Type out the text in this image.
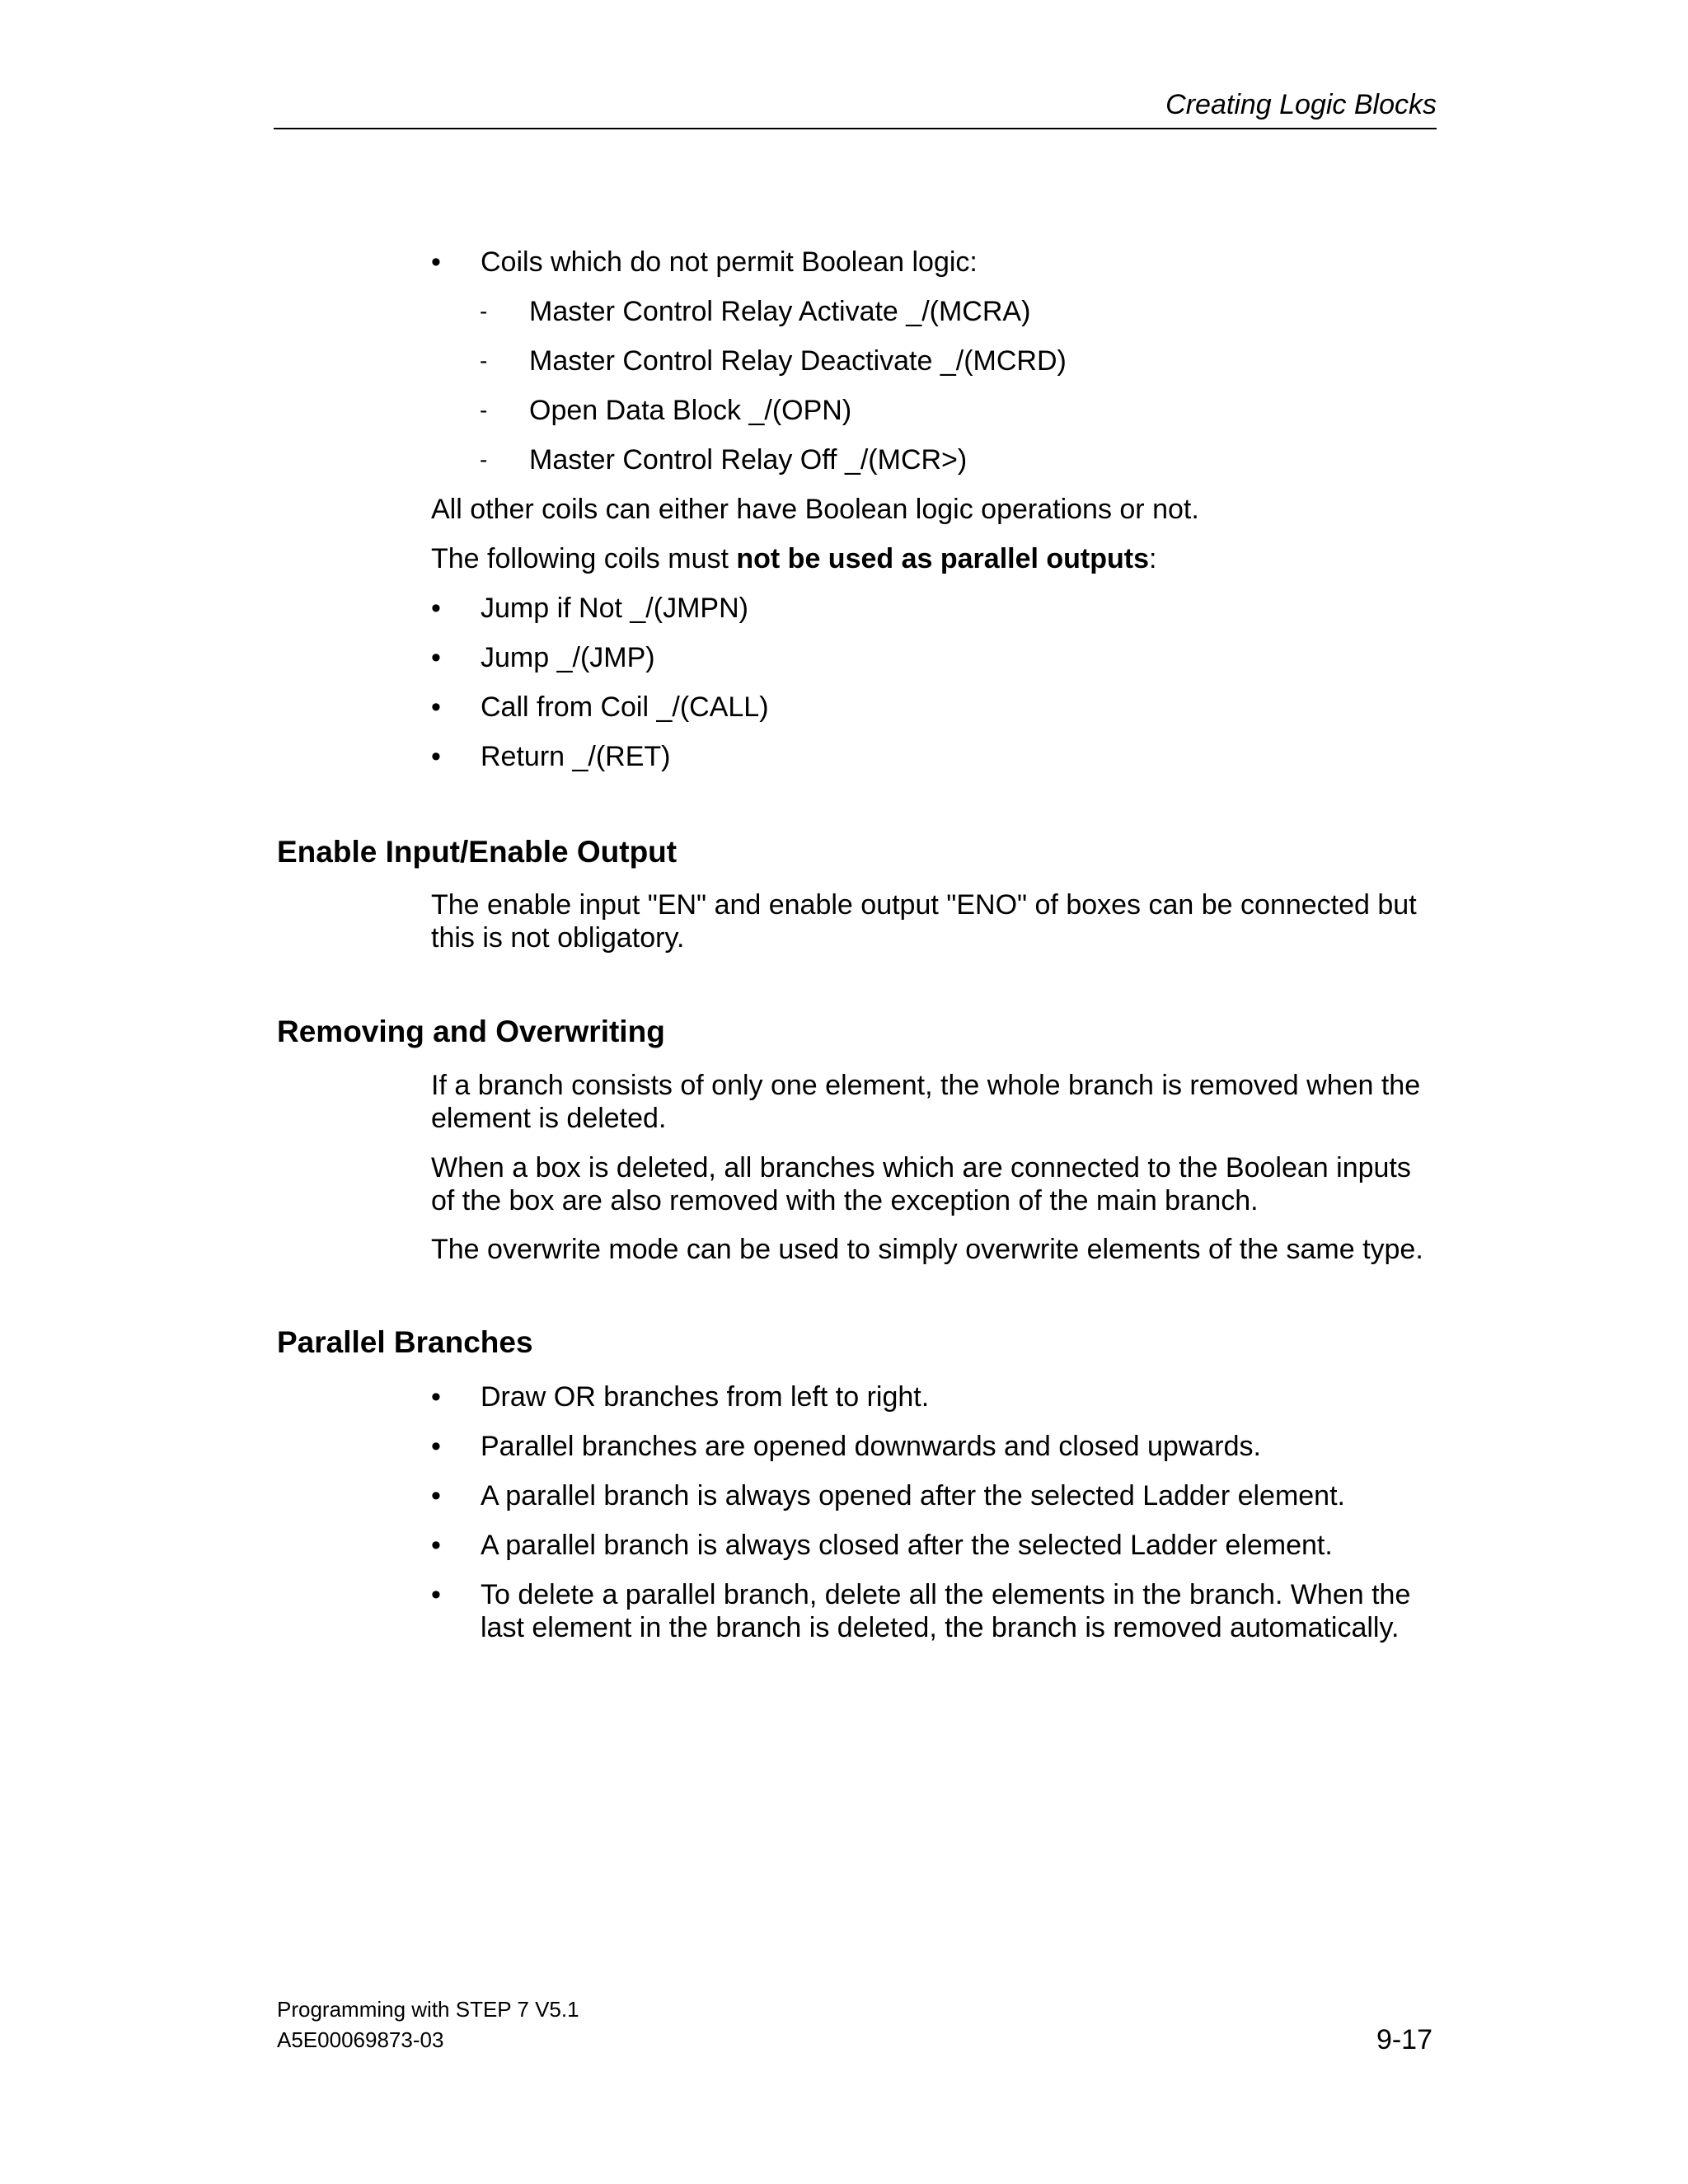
Creating Logic Blocks
• Coils which do not permit Boolean logic:
- Master Control Relay Activate _/(MCRA)
- Master Control Relay Deactivate _/(MCRD)
- Open Data Block _/(OPN)
- Master Control Relay Off _/(MCR>)

All other coils can either have Boolean logic operations or not.

The following coils must not be used as parallel outputs:

• Jump if Not _/(JMPN)
• Jump _/(JMP)
• Call from Coil _/(CALL)
• Return _/(RET)
Enable Input/Enable Output

The enable input "EN" and enable output "ENO" of boxes can be connected but this is not obligatory.

Removing and Overwriting

If a branch consists of only one element, the whole branch is removed when the element is deleted.

When a box is deleted, all branches which are connected to the Boolean inputs of the box are also removed with the exception of the main branch.

The overwrite mode can be used to simply overwrite elements of the same type.

Parallel Branches
• Draw OR branches from left to right.
• Parallel branches are opened downwards and closed upwards.
• A parallel branch is always opened after the selected Ladder element.
• A parallel branch is always closed after the selected Ladder element.
• To delete a parallel branch, delete all the elements in the branch. When the last element in the branch is deleted, the branch is removed automatically.
Programming with STEP 7 V5.1
A5E00069873-03	9-17
